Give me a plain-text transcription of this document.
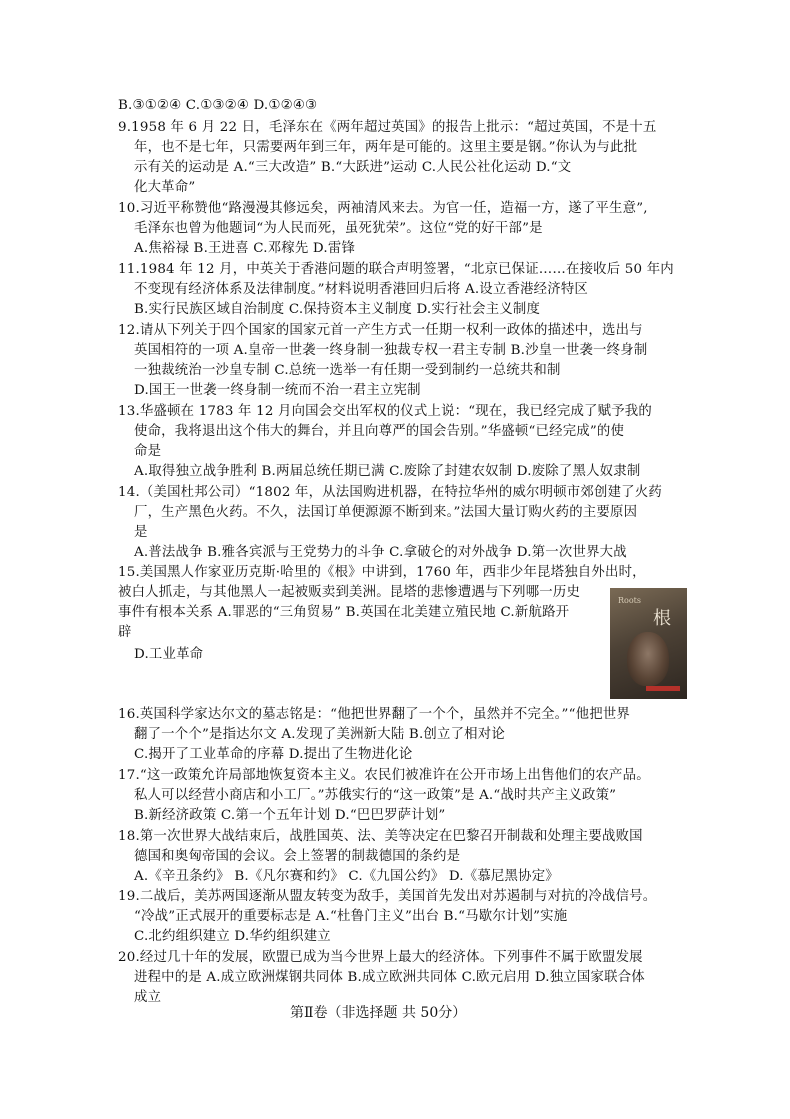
B.③①②④ C.①③②④ D.①②④③
9.1958 年 6 月 22 日，毛泽东在《两年超过英国》的报告上批示：“超过英国，不是十五
年，也不是七年，只需要两年到三年，两年是可能的。这里主要是钢。”你认为与此批
示有关的运动是 A.“三大改造” B.“大跃进”运动 C.人民公社化运动 D.“文
化大革命”
10.习近平称赞他“路漫漫其修远矣，两袖清风来去。为官一任，造福一方，遂了平生意”,
毛泽东也曾为他题词“为人民而死，虽死犹荣”。这位“党的好干部”是
A.焦裕禄 B.王进喜 C.邓稼先 D.雷锋
11.1984 年 12 月，中英关于香港问题的联合声明签署，“北京已保证……在接收后 50 年内
不变现有经济体系及法律制度。”材料说明香港回归后将 A.设立香港经济特区
B.实行民族区域自治制度 C.保持资本主义制度 D.实行社会主义制度
12.请从下列关于四个国家的国家元首一产生方式一任期一权利一政体的描述中，选出与
英国相符的一项 A.皇帝一世袭一终身制一独裁专权一君主专制 B.沙皇一世袭一终身制
一独裁统治一沙皇专制 C.总统一选举一有任期一受到制约一总统共和制
D.国王一世袭一终身制一统而不治一君主立宪制
13.华盛顿在 1783 年 12 月向国会交出军权的仪式上说：“现在，我已经完成了赋予我的
使命，我将退出这个伟大的舞台，并且向尊严的国会告别。”华盛顿“已经完成”的使
命是
A.取得独立战争胜利 B.两届总统任期已满 C.废除了封建农奴制 D.废除了黑人奴隶制
14.（美国杜邦公司）“1802 年，从法国购进机器，在特拉华州的威尔明顿市郊创建了火药
厂，生产黑色火药。不久，法国订单便源源不断到来。”法国大量订购火药的主要原因
是
A.普法战争 B.雅各宾派与王党势力的斗争 C.拿破仑的对外战争 D.第一次世界大战
15.美国黑人作家亚历克斯·哈里的《根》中讲到，1760 年，西非少年昆塔独自外出时，
被白人抓走，与其他黑人一起被贩卖到美洲。昆塔的悲惨遭遇与下列哪一历史
事件有根本关系 A.罪恶的“三角贸易” B.英国在北美建立殖民地 C.新航路开
辟
D.工业革命
Roots
根
16.英国科学家达尔文的墓志铭是：“他把世界翻了一个个，虽然并不完全。”“他把世界
翻了一个个”是指达尔文 A.发现了美洲新大陆 B.创立了相对论
C.揭开了工业革命的序幕 D.提出了生物进化论
17.“这一政策允许局部地恢复资本主义。农民们被准许在公开市场上出售他们的农产品。
私人可以经营小商店和小工厂。”苏俄实行的“这一政策”是 A.“战时共产主义政策”
B.新经济政策 C.第一个五年计划 D.“巴巴罗萨计划”
18.第一次世界大战结束后，战胜国英、法、美等决定在巴黎召开制裁和处理主要战败国
德国和奥匈帝国的会议。会上签署的制裁德国的条约是
A.《辛丑条约》 B.《凡尔赛和约》 C.《九国公约》 D.《慕尼黑协定》
19.二战后，美苏两国逐渐从盟友转变为敌手，美国首先发出对苏遏制与对抗的冷战信号。
“冷战”正式展开的重要标志是 A.“杜鲁门主义”出台 B.“马歇尔计划”实施
C.北约组织建立 D.华约组织建立
20.经过几十年的发展，欧盟已成为当今世界上最大的经济体。下列事件不属于欧盟发展
进程中的是 A.成立欧洲煤钢共同体 B.成立欧洲共同体 C.欧元启用 D.独立国家联合体
成立
第Ⅱ卷（非选择题 共 50分）
